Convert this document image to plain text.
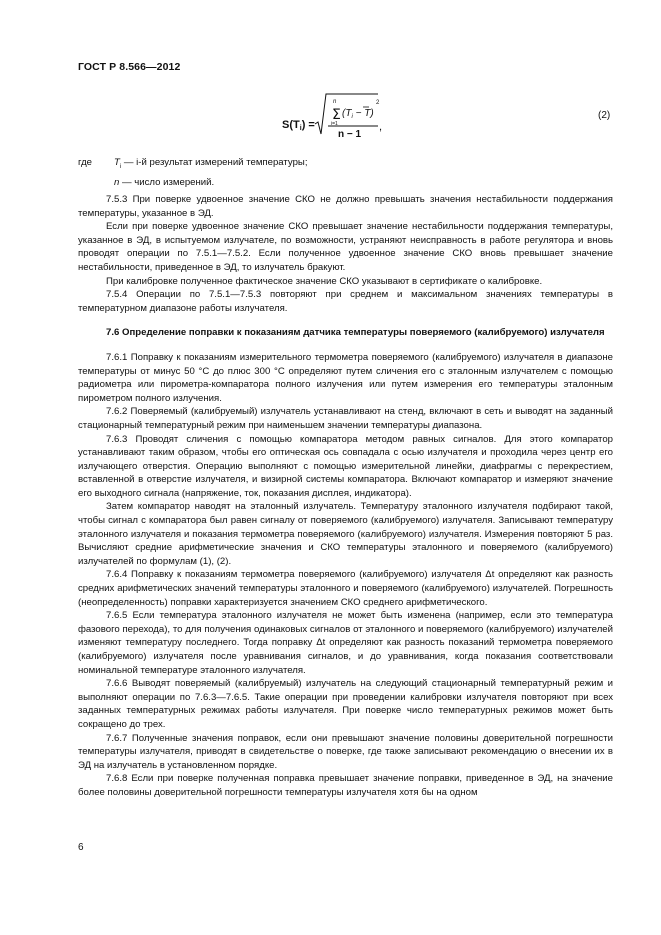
ГОСТ Р 8.566—2012
S(Ti) =
Σ
n
i=1
$(T_i - T)$
2
n − 1
,
(2)
где	$T_i$ — i-й результат измерений температуры;
n — число измерений.

7.5.3 При поверке удвоенное значение СКО не должно превышать значения нестабильности поддержания температуры, указанное в ЭД.

Если при поверке удвоенное значение СКО превышает значение нестабильности поддержания температуры, указанное в ЭД, в испытуемом излучателе, по возможности, устраняют неисправность в работе регулятора и вновь проводят операции по 7.5.1—7.5.2. Если полученное удвоенное значение СКО вновь превышает значение нестабильности, приведенное в ЭД, то излучатель бракуют.

При калибровке полученное фактическое значение СКО указывают в сертификате о калибровке.

7.5.4 Операции по 7.5.1—7.5.3 повторяют при среднем и максимальном значениях температуры в температурном диапазоне работы излучателя.

7.6 Определение поправки к показаниям датчика температуры поверяемого (калибруемого) излучателя

7.6.1 Поправку к показаниям измерительного термометра поверяемого (калибруемого) излучателя в диапазоне температуры от минус 50 °С до плюс 300 °С определяют путем сличения его с эталонным излучателем с помощью радиометра или пирометра-компаратора полного излучения или путем измерения его температуры эталонным пирометром полного излучения.

7.6.2 Поверяемый (калибруемый) излучатель устанавливают на стенд, включают в сеть и выводят на заданный стационарный температурный режим при наименьшем значении температуры диапазона.

7.6.3 Проводят сличения с помощью компаратора методом равных сигналов. Для этого компаратор устанавливают таким образом, чтобы его оптическая ось совпадала с осью излучателя и проходила через центр его излучающего отверстия. Операцию выполняют с помощью измерительной линейки, диафрагмы с перекрестием, вставленной в отверстие излучателя, и визирной системы компаратора. Включают компаратор и измеряют значение его выходного сигнала (напряжение, ток, показания дисплея, индикатора).

Затем компаратор наводят на эталонный излучатель. Температуру эталонного излучателя подбирают такой, чтобы сигнал с компаратора был равен сигналу от поверяемого (калибруемого) излучателя. Записывают температуру эталонного излучателя и показания термометра поверяемого (калибруемого) излучателя. Измерения повторяют 5 раз. Вычисляют средние арифметические значения и СКО температуры эталонного и поверяемого (калибруемого) излучателей по формулам (1), (2).

7.6.4 Поправку к показаниям термометра поверяемого (калибруемого) излучателя Δt определяют как разность средних арифметических значений температуры эталонного и поверяемого (калибруемого) излучателей. Погрешность (неопределенность) поправки характеризуется значением СКО среднего арифметического.

7.6.5 Если температура эталонного излучателя не может быть изменена (например, если это температура фазового перехода), то для получения одинаковых сигналов от эталонного и поверяемого (калибруемого) излучателей изменяют температуру последнего. Тогда поправку Δt определяют как разность показаний термометра поверяемого (калибруемого) излучателя после уравнивания сигналов, и до уравнивания, когда показания соответствовали номинальной температуре эталонного излучателя.

7.6.6 Выводят поверяемый (калибруемый) излучатель на следующий стационарный температурный режим и выполняют операции по 7.6.3—7.6.5. Такие операции при проведении калибровки излучателя повторяют при всех заданных температурных режимах работы излучателя. При поверке число температурных режимов может быть сокращено до трех.

7.6.7 Полученные значения поправок, если они превышают значение половины доверительной погрешности температуры излучателя, приводят в свидетельстве о поверке, где также записывают рекомендацию о внесении их в ЭД на излучатель в установленном порядке.

7.6.8 Если при поверке полученная поправка превышает значение поправки, приведенное в ЭД, на значение более половины доверительной погрешности температуры излучателя хотя бы на одном

6
